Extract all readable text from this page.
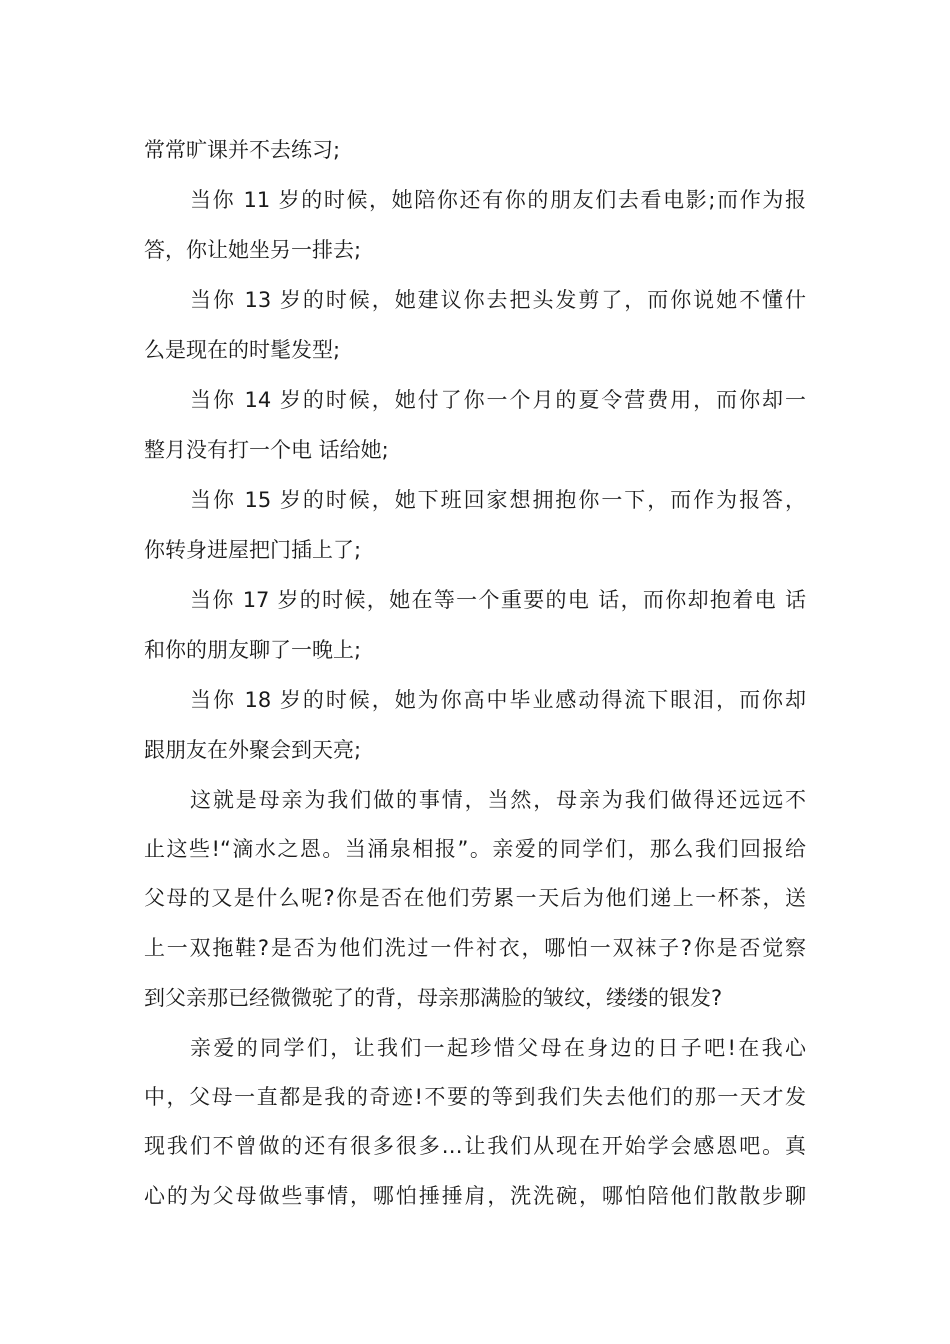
常常旷课并不去练习;

当你 11 岁的时候，她陪你还有你的朋友们去看电影;而作为报

答，你让她坐另一排去;

当你 13 岁的时候，她建议你去把头发剪了，而你说她不懂什

么是现在的时髦发型;

当你 14 岁的时候，她付了你一个月的夏令营费用，而你却一

整月没有打一个电 话给她;

当你 15 岁的时候，她下班回家想拥抱你一下，而作为报答，

你转身进屋把门插上了;

当你 17 岁的时候，她在等一个重要的电 话，而你却抱着电 话

和你的朋友聊了一晚上;

当你 18 岁的时候，她为你高中毕业感动得流下眼泪，而你却

跟朋友在外聚会到天亮;

这就是母亲为我们做的事情，当然，母亲为我们做得还远远不

止这些!“滴水之恩。当涌泉相报”。亲爱的同学们，那么我们回报给

父母的又是什么呢?你是否在他们劳累一天后为他们递上一杯茶，送

上一双拖鞋?是否为他们洗过一件衬衣，哪怕一双袜子?你是否觉察

到父亲那已经微微驼了的背，母亲那满脸的皱纹，缕缕的银发?

亲爱的同学们，让我们一起珍惜父母在身边的日子吧!在我心

中，父母一直都是我的奇迹!不要的等到我们失去他们的那一天才发

现我们不曾做的还有很多很多…让我们从现在开始学会感恩吧。真

心的为父母做些事情，哪怕捶捶肩，洗洗碗，哪怕陪他们散散步聊
